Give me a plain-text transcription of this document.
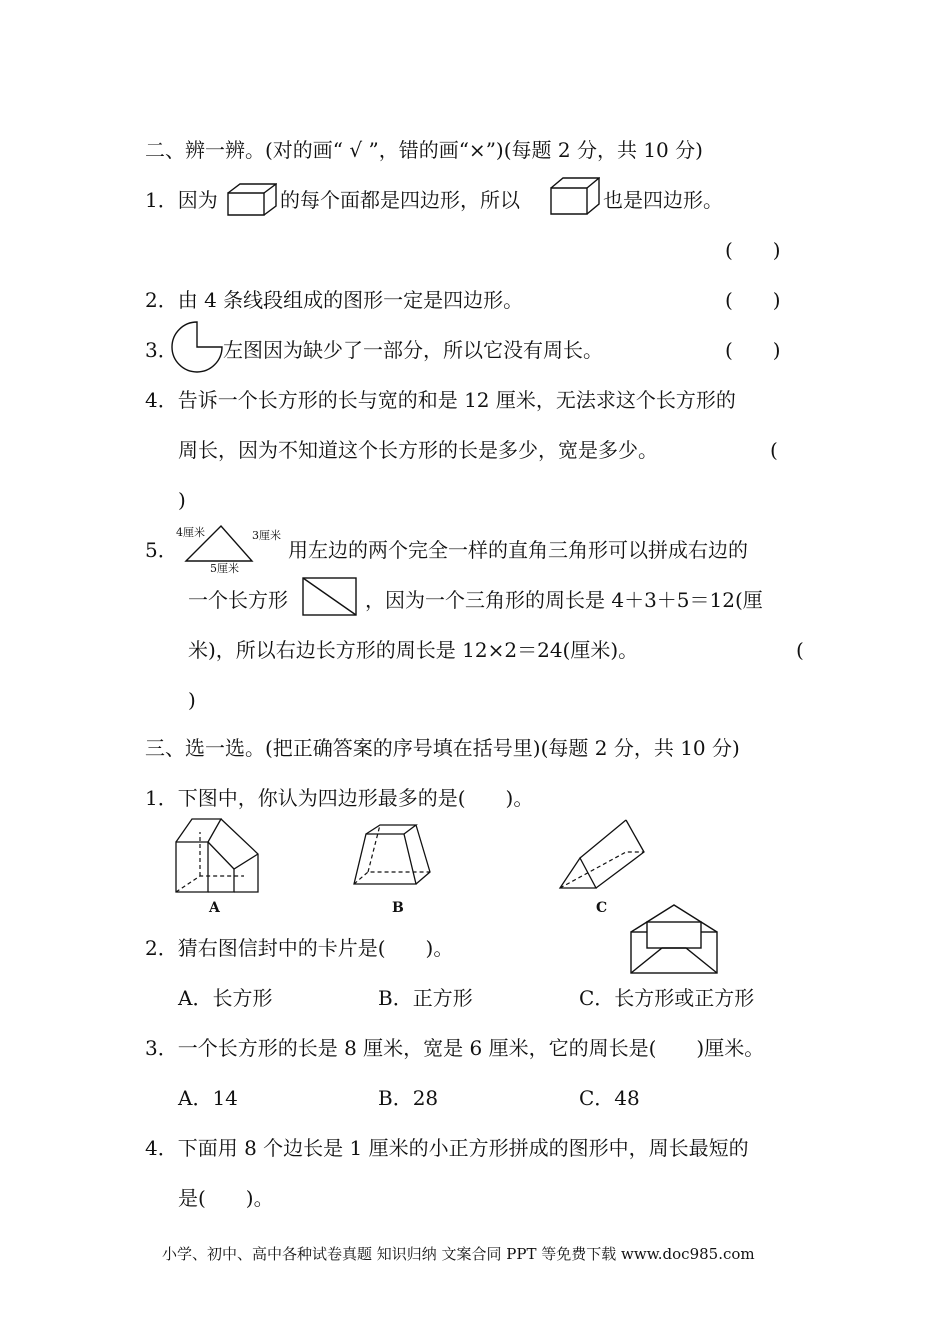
二、辨一辨。(对的画“ √ ”，错的画“×”)(每题 2 分，共 10 分)
1．因为	的每个面都是四边形，所以	也是四边形。
(　　)
2．由 4 条线段组成的图形一定是四边形。	(　　)
3． 左图因为缺少了一部分，所以它没有周长。	(　　)
4．告诉一个长方形的长与宽的和是 12 厘米，无法求这个长方形的
周长，因为不知道这个长方形的长是多少，宽是多少。	(
)
5．
4厘米	3厘米
5厘米
用左边的两个完全一样的直角三角形可以拼成右边的
一个长方形	，因为一个三角形的周长是 4＋3＋5＝12(厘
米)，所以右边长方形的周长是 12×2＝24(厘米)。	(
)
三、选一选。(把正确答案的序号填在括号里)(每题 2 分，共 10 分)
1．下图中，你认为四边形最多的是(　　)。
A	B	C
2．猜右图信封中的卡片是(　　)。
A．长方形	B．正方形	C．长方形或正方形
3．一个长方形的长是 8 厘米，宽是 6 厘米，它的周长是(　　)厘米。
A．14	B．28	C．48
4．下面用 8 个边长是 1 厘米的小正方形拼成的图形中，周长最短的
是(　　)。
小学、初中、高中各种试卷真题 知识归纳 文案合同 PPT 等免费下载 www.doc985.com
